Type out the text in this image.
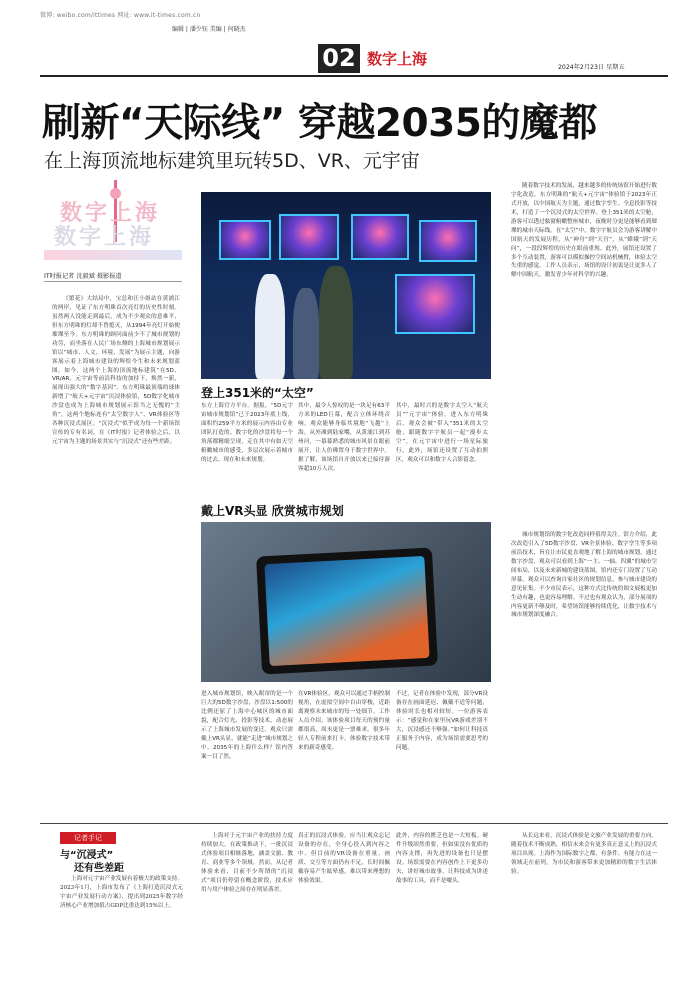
微博: weibo.com/ittimes 网址: www.it-times.com.cn
编辑 | 潘少钰 美编 | 何晓杰
02 数字上海	2024年2月23日 星期五
刷新“天际线” 穿越2035的魔都
在上海顶流地标建筑里玩转5D、VR、元宇宙
数字上海
数字上海
IT时报记者 沈毅斌 摄影报道
《繁花》大结局中，宝总和汪小姐站在黄浦江的两岸，见证了东方明珠首次亮灯的历史性时刻。虽然两人没能走到最后，成为不少观众的意难平，但东方明珠的灯却不曾熄灭，从1994年亮灯开始便璀璨至今。东方明珠的顾问面前少不了城市规划的功劳，而坐落在人民广场东侧的上海城市规划展示馆以“城市、人文、环境、发展”为展示主题，向游客展示着上海城市建设的辉煌今生和未来规划蓝图。如今，这两个上海的顶流地标建筑“在5D、VR/AR、元宇宙等前沿科技的加持下，焕然一新，展现出强大的“数字基因”。东方明珠最顶端的球体新增了“航天+元宇宙”沉浸体验馆，5D数字化城市沙盘也成为上海城市规划展示馆当之无愧的“主角”，这两个地标连有“太空数字人”、VR体验区等各种沉浸式展区。“沉浸式”似乎成为每一个新场馆宣传的专有名词，在《IT时报》记者体验之后，以元宇宙为主题的场景其实与“沉浸式”还有些差距。
登上351米的“太空”
东方上海官方平台。据报，“5D元宇宙城市规划馆”已于2023年底上线，面积约259平方米的展示内容由专业团队打造的。数字化的沙盘将每一个角落都精细呈现，走在其中有如天空俯瞰城市的感受，多层次展示着城市的过去、现在和未来规划。
其中，最令人惊叹的是一块足有63平方米的LED巨幕，配合立体环绕音响，观众能够身临其境地“飞越”上海。从外滩到陆家嘴，从黄浦江到苏州河，一幕幕熟悉的城市风景在眼前展开，让人仿佛置身于数字世界中。据了解，该场馆自开放以来已接待游客超10万人次。
其中，最时兴的是数字太空人“航天员”“元宇宙”体验。进入东方明珠后，观众会被“带入”351米的太空舱，跟随数字宇航员一起“漫步太空”，在元宇宙中进行一场星际旅行。此外，场馆还设置了互动拍照区，观众可以和数字人合影留念。
戴上VR头显 欣赏城市规划
进入城市规划馆，映入眼帘的是一个巨大的5D数字沙盘，沙盘以1:500的比例还原了上海中心城区的城市面貌，配合灯光、投影等技术，动态展示了上海城市发展的变迁。观众只需戴上VR头显，就能“走进”城市规划之中。2035年的上海什么样？馆内答案一目了然。
在VR体验区，观众可以通过手柄控制视角，在虚拟空间中自由穿梭，近距离观察未来城市的每一处细节。工作人员介绍，该体验项目每天的预约量都很高，周末更是一票难求，很多年轻人专程前来打卡，体验数字技术带来的新奇感受。
不过，记者在体验中发现，部分VR设备存在画面延迟、佩戴不适等问题，体验时长也相对较短。一位游客表示：“感觉和在家里玩VR游戏差别不大，沉浸感还不够强。”如何让科技真正服务于内容，成为场馆需要思考的问题。
随着数字技术的发展，越来越多的传统场馆开始进行数字化改造。东方明珠的“航天+元宇宙”体验馆于2023年正式开放，以中国航天为主题，通过数字孪生、全息投影等技术，打造了一个沉浸式的太空世界。登上351米的太空舱，游客可以透过舷窗俯瞰整座城市，夜晚时分更是能够看到璀璨的城市天际线。在“太空”中，数字宇航员会为游客讲解中国航天的发展历程，从“神舟”到“天宫”，从“嫦娥”到“天问”，一段段辉煌的历史在眼前重现。此外，展馆还设置了多个互动装置，游客可以模拟操控空间站机械臂，体验太空失重的感觉。工作人员表示，场馆的设计初衷是让更多人了解中国航天，激发青少年对科学的兴趣。
城市规划馆的数字化改造同样值得关注。馆方介绍，此次改造引入了5D数字沙盘、VR全景体验、数字孪生等多项前沿技术，旨在让市民更直观地了解上海的城市规划。通过数字沙盘，观众可以看到上海“一主、一轴、四翼”的城市空间布局，以及未来新城的建设蓝图。馆内还专门设置了互动屏幕，观众可以查询自家社区的规划信息，参与城市建设的意见征集。不少市民表示，这种方式比传统的图文展板更加生动有趣，也更容易理解。不过也有观众认为，部分展项的内容更新不够及时，希望场馆能够持续优化，让数字技术与城市规划深度融合。
记者手记
与“沉浸式”
还有些差距
上海对元宇宙产业发展有着极大的政策支持。2023年1月，上海市发布了《上海打造沉浸式元宇宙产业发展行动方案》，提出到2025年数字经济核心产业增加值占GDP比重达到15%以上。
上海对于元宇宙产业的扶持力度持续加大。在政策推动下，一批沉浸式体验项目相继落地，涵盖文旅、教育、商业等多个领域。然而，从记者体验来看，目前不少所谓的“沉浸式”项目仍停留在概念阶段，技术应用与用户体验之间存在明显落差。
真正的沉浸式体验，应当让观众忘记设备的存在，全身心投入到内容之中。但目前的VR设备在重量、画质、交互等方面仍有不足，长时间佩戴容易产生眩晕感，难以带来理想的体验效果。
此外，内容的匮乏也是一大短板。硬件升级固然重要，但如果没有优质的内容支撑，再先进的设备也只是摆设。场馆需要在内容创作上下更多功夫，讲好城市故事，让科技成为讲述故事的工具，而不是噱头。
从长远来看，沉浸式体验是文旅产业发展的重要方向。随着技术不断成熟，相信未来会有更多真正意义上的沉浸式项目出现。上海作为国际数字之都，有条件、有能力在这一领域走在前列，为市民和游客带来更加精彩的数字生活体验。
